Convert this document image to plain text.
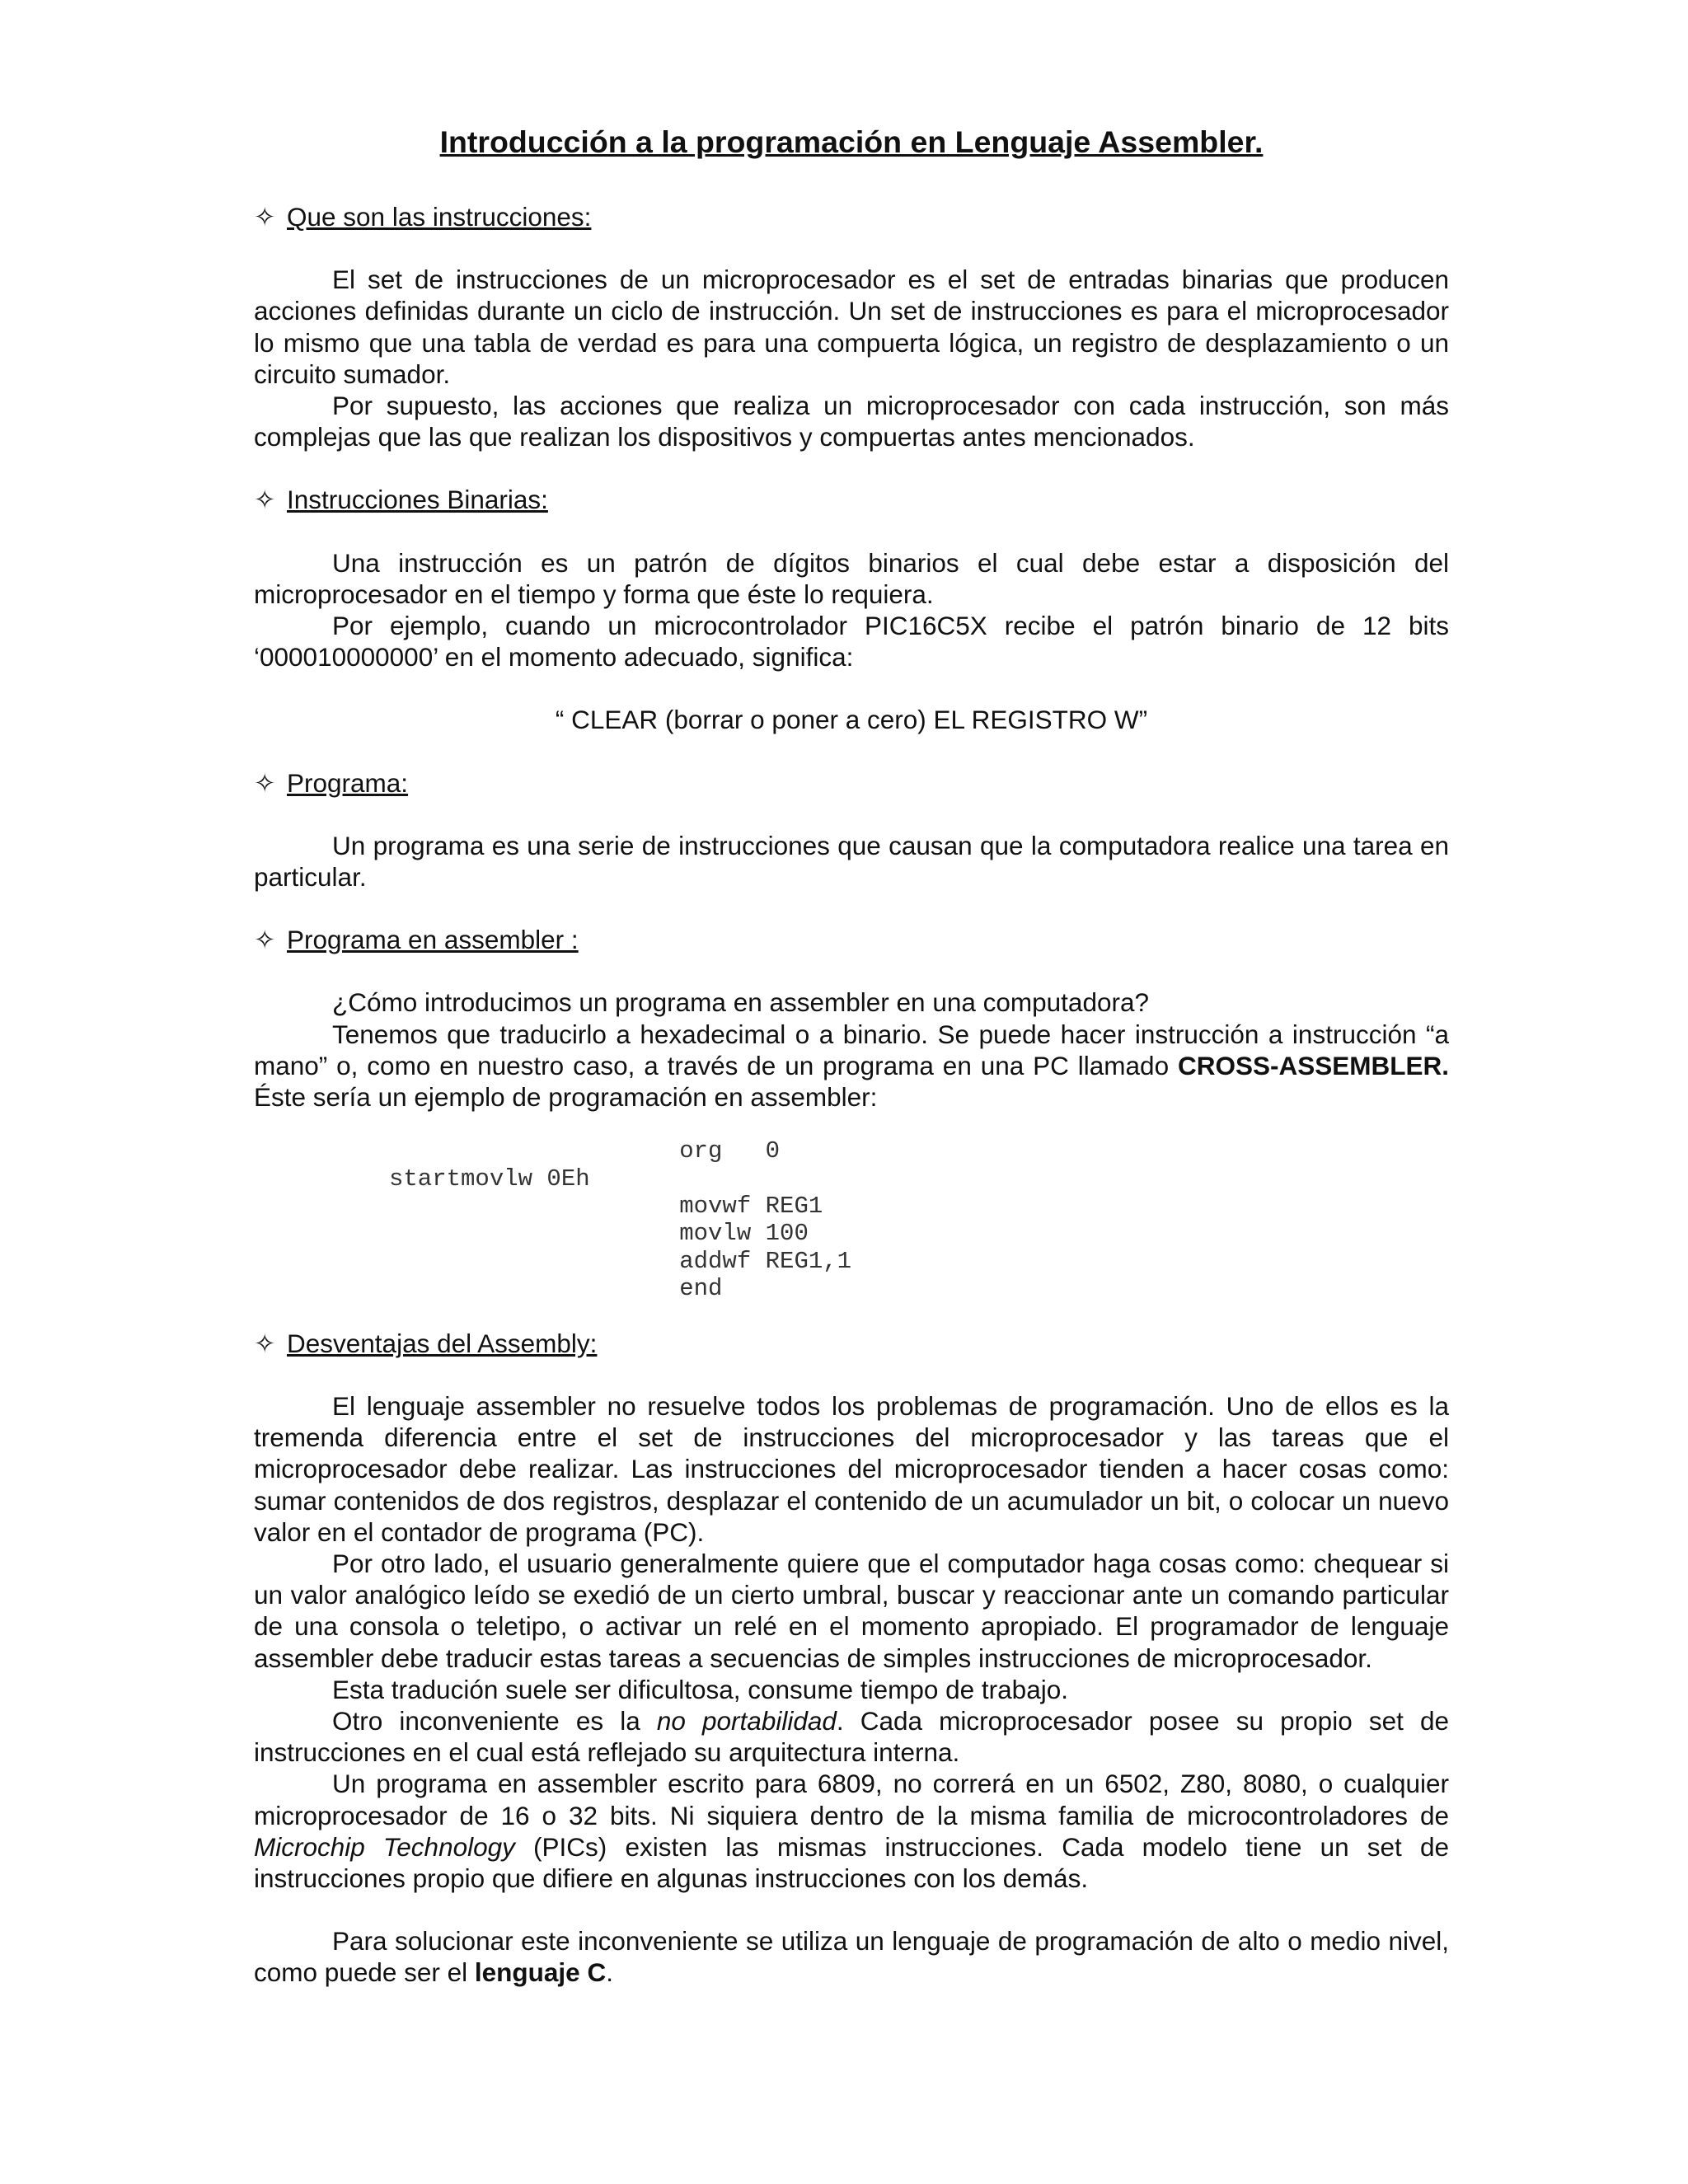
Introducción a la programación en Lenguaje Assembler.
✧ Que son las instrucciones:

El set de instrucciones de un microprocesador es el set de entradas binarias que producen acciones definidas durante un ciclo de instrucción. Un set de instrucciones es para el microprocesador lo mismo que una tabla de verdad es para una compuerta lógica, un registro de desplazamiento o un circuito sumador.

Por supuesto, las acciones que realiza un microprocesador con cada instrucción, son más complejas que las que realizan los dispositivos y compuertas antes mencionados.

✧ Instrucciones Binarias:

Una instrucción es un patrón de dígitos binarios el cual debe estar a disposición del microprocesador en el tiempo y forma que éste lo requiera.

Por ejemplo, cuando un microcontrolador PIC16C5X recibe el patrón binario de 12 bits ‘000010000000’ en el momento adecuado, significa:

“ CLEAR (borrar o poner a cero) EL REGISTRO W”

✧ Programa:

Un programa es una serie de instrucciones que causan que la computadora realice una tarea en particular.

✧ Programa en assembler :

¿Cómo introducimos un programa en assembler en una computadora?

Tenemos que traducirlo a hexadecimal o a binario. Se puede hacer instrucción a instrucción “a mano” o, como en nuestro caso, a través de un programa en una PC llamado CROSS-ASSEMBLER. Éste sería un ejemplo de programación en assembler:

org   0
startmovlw 0Eh
movwf REG1
movlw 100
addwf REG1,1
end
✧ Desventajas del Assembly:

El lenguaje assembler no resuelve todos los problemas de programación. Uno de ellos es la tremenda diferencia entre el set de instrucciones del microprocesador y las tareas que el microprocesador debe realizar. Las instrucciones del microprocesador tienden a hacer cosas como: sumar contenidos de dos registros, desplazar el contenido de un acumulador un bit, o colocar un nuevo valor en el contador de programa (PC).

Por otro lado, el usuario generalmente quiere que el computador haga cosas como: chequear si un valor analógico leído se exedió de un cierto umbral, buscar y reaccionar ante un comando particular de una consola o teletipo, o activar un relé en el momento apropiado. El programador de lenguaje assembler debe traducir estas tareas a secuencias de simples instrucciones de microprocesador.

Esta tradución suele ser dificultosa, consume tiempo de trabajo.

Otro inconveniente es la no portabilidad. Cada microprocesador posee su propio set de instrucciones en el cual está reflejado su arquitectura interna.

Un programa en assembler escrito para 6809, no correrá en un 6502, Z80, 8080, o cualquier microprocesador de 16 o 32 bits. Ni siquiera dentro de la misma familia de microcontroladores de Microchip Technology (PICs) existen las mismas instrucciones. Cada modelo tiene un set de instrucciones propio que difiere en algunas instrucciones con los demás.

Para solucionar este inconveniente se utiliza un lenguaje de programación de alto o medio nivel, como puede ser el lenguaje C.
